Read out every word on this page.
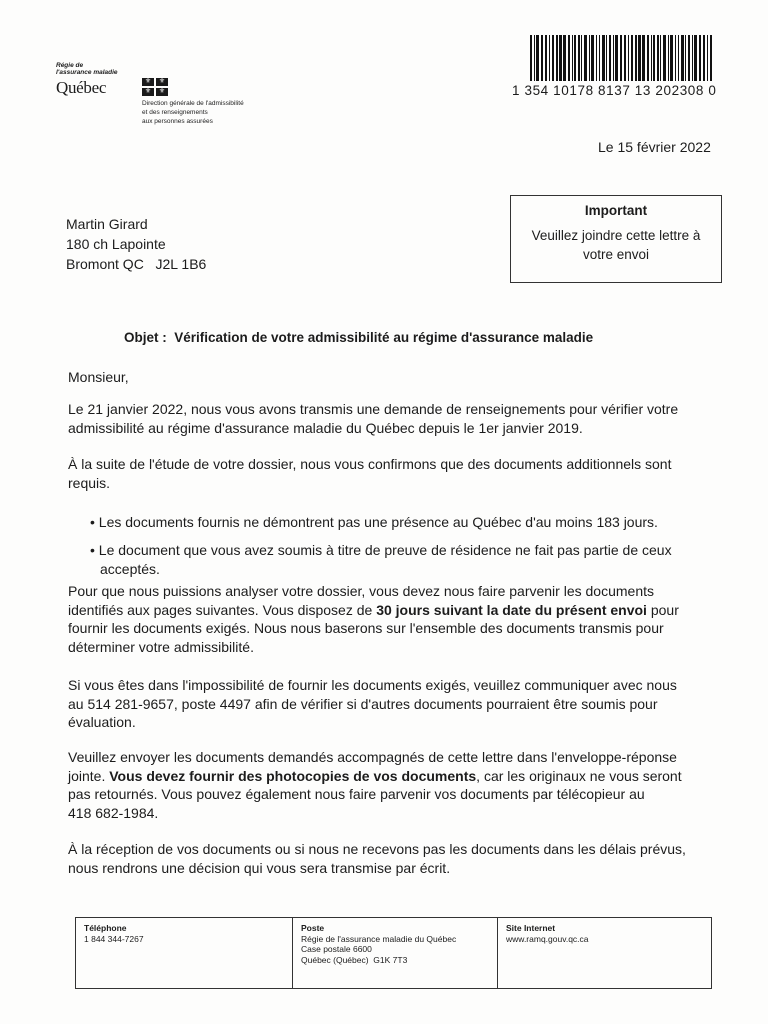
Régie de
l'assurance maladie
Québec	⚜	⚜
⚜	⚜
Direction générale de l'admissibilité
et des renseignements
aux personnes assurées
1 354 10178 8137 13 202308 0
Le 15 février 2022
Martin Girard
180 ch Lapointe
Bromont QC   J2L 1B6
Important
Veuillez joindre cette lettre à votre envoi
Objet :  Vérification de votre admissibilité au régime d'assurance maladie
Monsieur,
Le 21 janvier 2022, nous vous avons transmis une demande de renseignements pour vérifier votre
admissibilité au régime d'assurance maladie du Québec depuis le 1er janvier 2019.
À la suite de l'étude de votre dossier, nous vous confirmons que des documents additionnels sont
requis.
• Les documents fournis ne démontrent pas une présence au Québec d'au moins 183 jours.
• Le document que vous avez soumis à titre de preuve de résidence ne fait pas partie de ceux
acceptés.
Pour que nous puissions analyser votre dossier, vous devez nous faire parvenir les documents
identifiés aux pages suivantes. Vous disposez de 30 jours suivant la date du présent envoi pour
fournir les documents exigés. Nous nous baserons sur l'ensemble des documents transmis pour
déterminer votre admissibilité.
Si vous êtes dans l'impossibilité de fournir les documents exigés, veuillez communiquer avec nous
au 514 281-9657, poste 4497 afin de vérifier si d'autres documents pourraient être soumis pour
évaluation.
Veuillez envoyer les documents demandés accompagnés de cette lettre dans l'enveloppe-réponse
jointe. Vous devez fournir des photocopies de vos documents, car les originaux ne vous seront
pas retournés. Vous pouvez également nous faire parvenir vos documents par télécopieur au
418 682-1984.
À la réception de vos documents ou si nous ne recevons pas les documents dans les délais prévus,
nous rendrons une décision qui vous sera transmise par écrit.
Téléphone
1 844 344-7267
Poste
Régie de l'assurance maladie du Québec
Case postale 6600
Québec (Québec)  G1K 7T3
Site Internet
www.ramq.gouv.qc.ca
